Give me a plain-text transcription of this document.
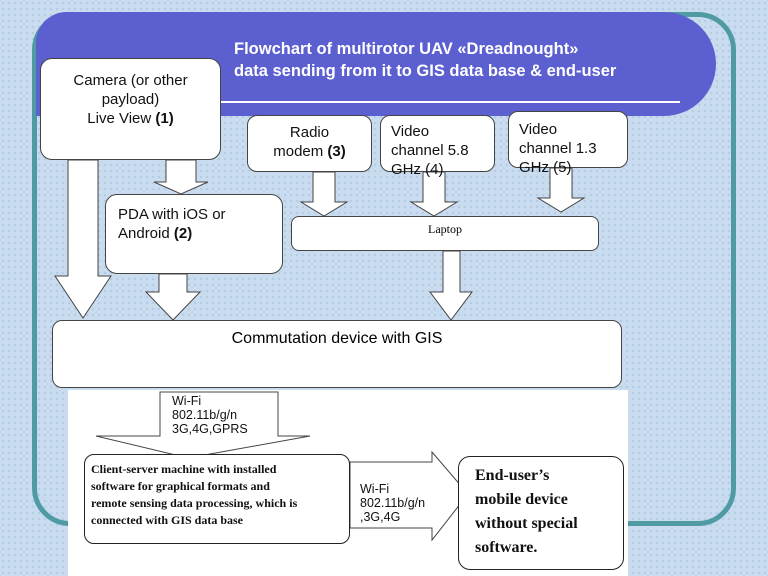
Flowchart of multirotor UAV «Dreadnought»
data sending from it to GIS data base & end-user
Camera (or other
payload)
Live View (1)
Radio
modem (3)
Video
channel 5.8
GHz (4)
Video
channel 1.3
GHz (5)
PDA with iOS or
Android (2)	Laptop
Commutation device with GIS
Wi-Fi
802.11b/g/n
3G,4G,GPRS
Client-server machine with installed
software for graphical formats and
remote sensing data processing, which is
connected with GIS data base
Wi-Fi
802.11b/g/n
,3G,4G
End-user’s
mobile device
without special
software.
